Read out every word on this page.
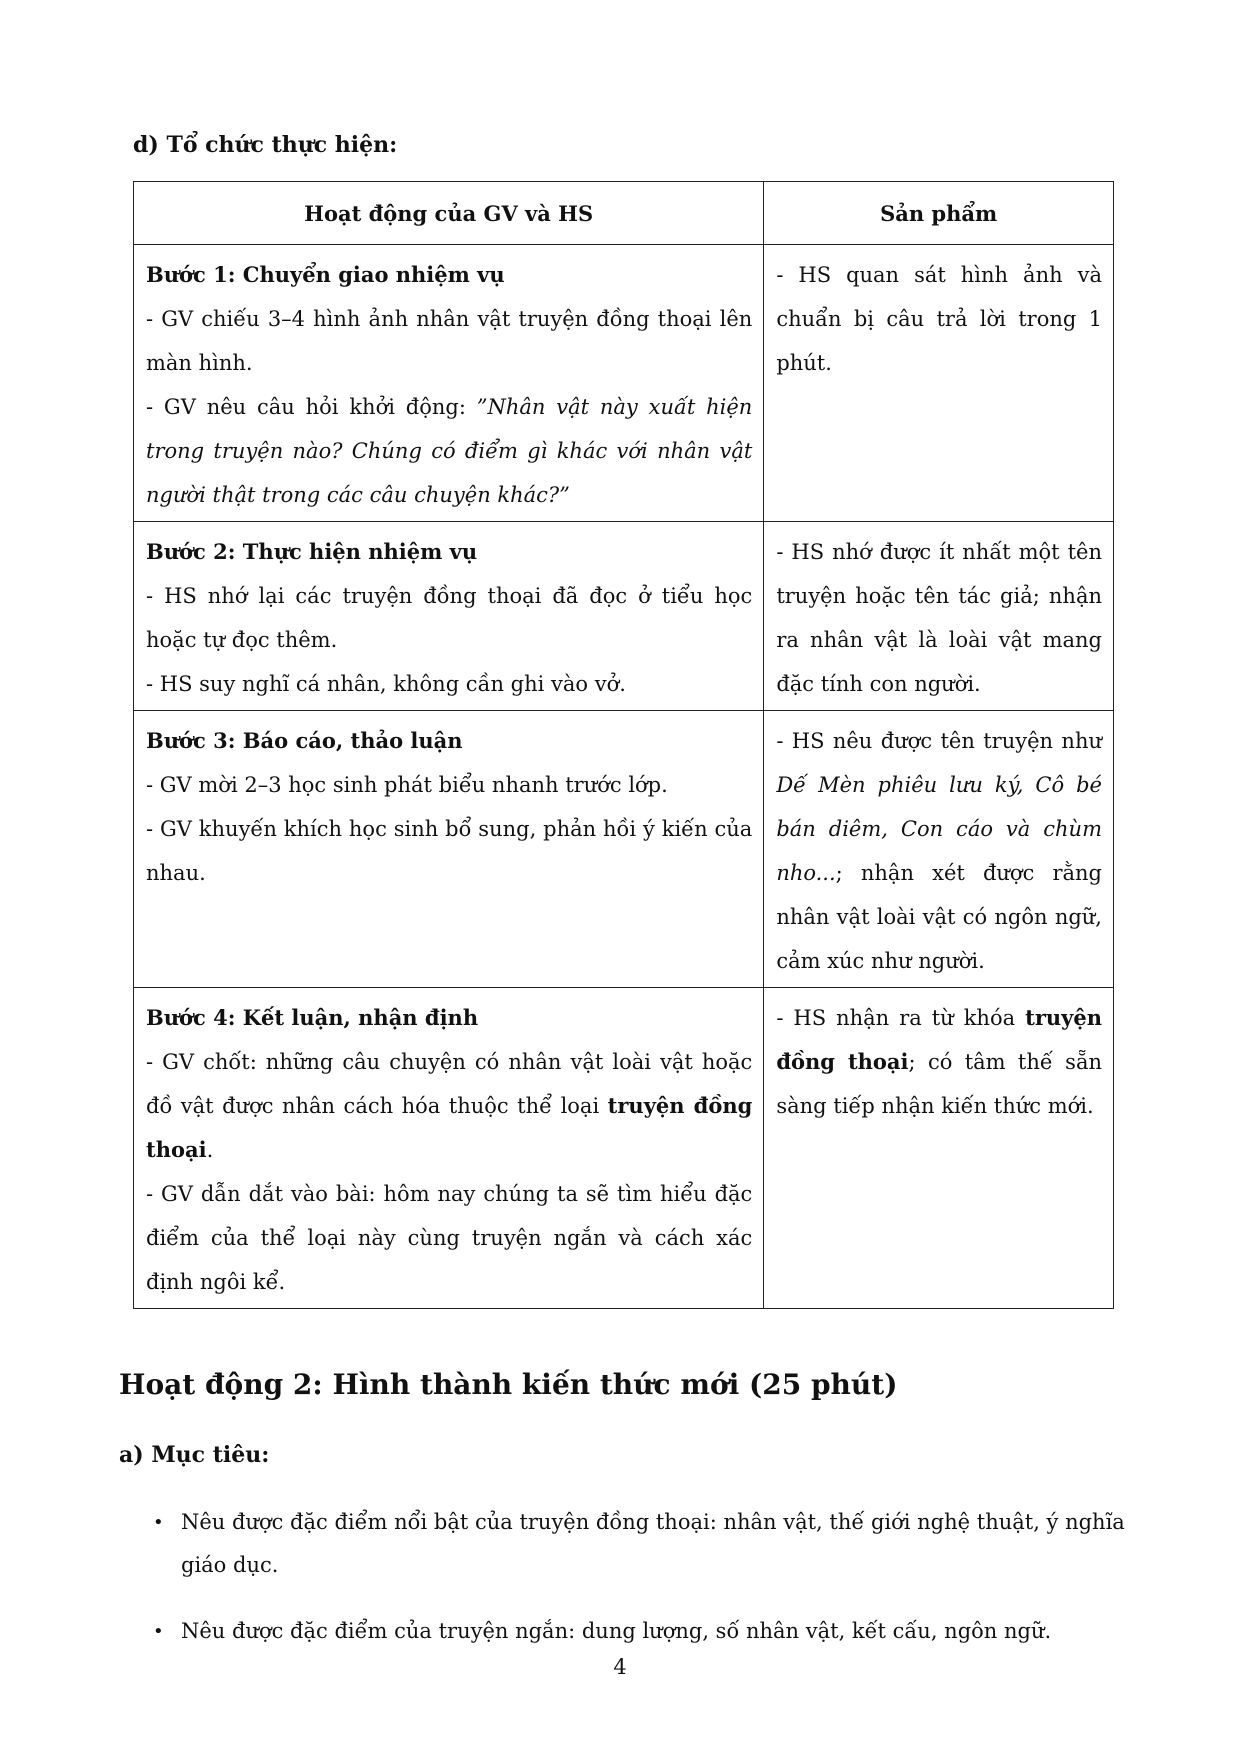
d) Tổ chức thực hiện:

Hoạt động của GV và HS	Sản phẩm

Bước 1: Chuyển giao nhiệm vụ
- GV chiếu 3–4 hình ảnh nhân vật truyện đồng thoại lên màn hình.
- GV nêu câu hỏi khởi động: ”Nhân vật này xuất hiện trong truyện nào? Chúng có điểm gì khác với nhân vật người thật trong các câu chuyện khác?”	- HS quan sát hình ảnh và chuẩn bị câu trả lời trong 1 phút.

Bước 2: Thực hiện nhiệm vụ
- HS nhớ lại các truyện đồng thoại đã đọc ở tiểu học hoặc tự đọc thêm.
- HS suy nghĩ cá nhân, không cần ghi vào vở.	- HS nhớ được ít nhất một tên truyện hoặc tên tác giả; nhận ra nhân vật là loài vật mang đặc tính con người.

Bước 3: Báo cáo, thảo luận
- GV mời 2–3 học sinh phát biểu nhanh trước lớp.
- GV khuyến khích học sinh bổ sung, phản hồi ý kiến của nhau.	- HS nêu được tên truyện như Dế Mèn phiêu lưu ký, Cô bé bán diêm, Con cáo và chùm nho...; nhận xét được rằng nhân vật loài vật có ngôn ngữ, cảm xúc như người.

Bước 4: Kết luận, nhận định
- GV chốt: những câu chuyện có nhân vật loài vật hoặc đồ vật được nhân cách hóa thuộc thể loại truyện đồng thoại.
- GV dẫn dắt vào bài: hôm nay chúng ta sẽ tìm hiểu đặc điểm của thể loại này cùng truyện ngắn và cách xác định ngôi kể.	- HS nhận ra từ khóa truyện đồng thoại; có tâm thế sẵn sàng tiếp nhận kiến thức mới.
Hoạt động 2: Hình thành kiến thức mới (25 phút)
a) Mục tiêu:
• Nêu được đặc điểm nổi bật của truyện đồng thoại: nhân vật, thế giới nghệ thuật, ý nghĩa giáo dục.
• Nêu được đặc điểm của truyện ngắn: dung lượng, số nhân vật, kết cấu, ngôn ngữ.
4
